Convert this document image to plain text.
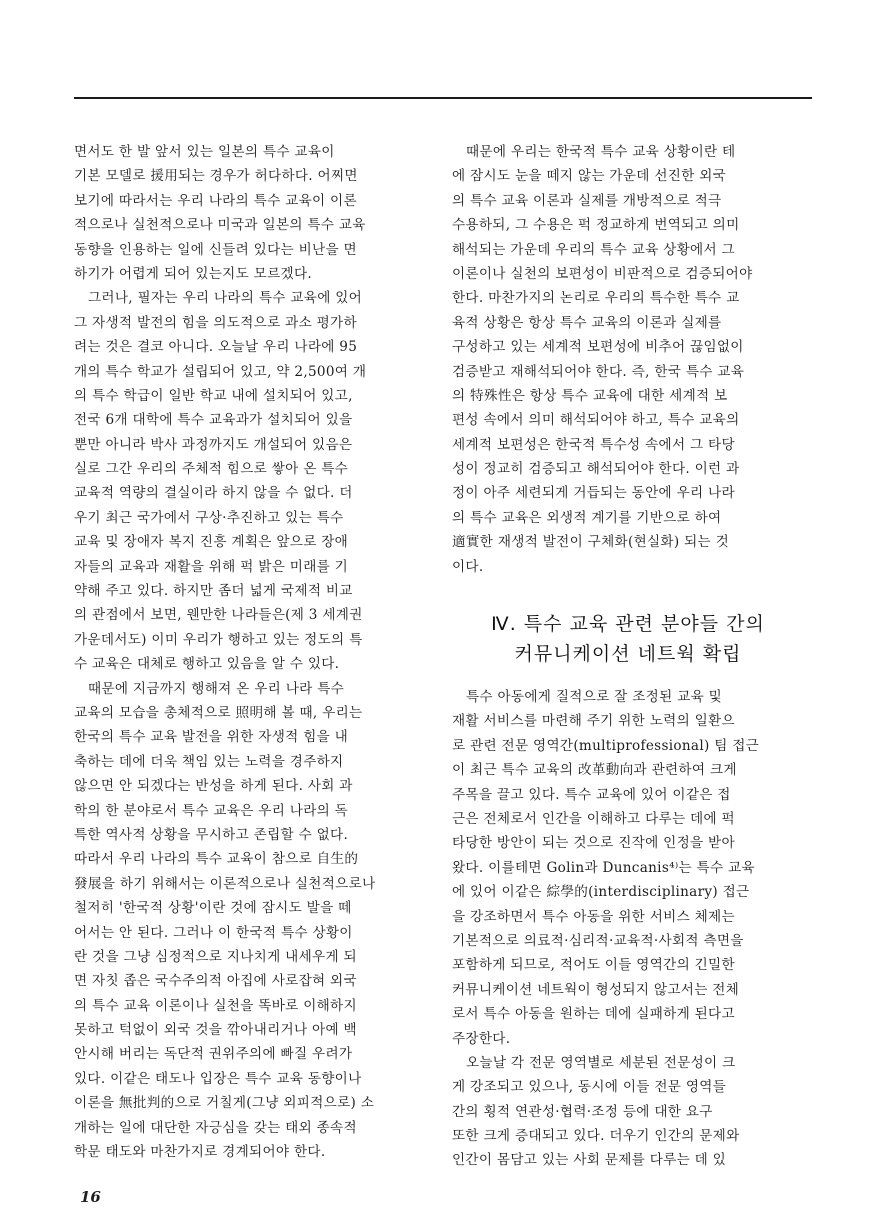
면서도 한 발 앞서 있는 일본의 특수 교육이
기본 모델로 援用되는 경우가 허다하다. 어찌면
보기에 따라서는 우리 나라의 특수 교육이 이론
적으로나 실천적으로나 미국과 일본의 특수 교육
동향을 인용하는 일에 신들려 있다는 비난을 면
하기가 어렵게 되어 있는지도 모르겠다.
그러나, 필자는 우리 나라의 특수 교육에 있어
그 자생적 발전의 힘을 의도적으로 과소 평가하
려는 것은 결코 아니다. 오늘날 우리 나라에 95
개의 특수 학교가 설립되어 있고, 약 2,500여 개
의 특수 학급이 일반 학교 내에 설치되어 있고,
전국 6개 대학에 특수 교육과가 설치되어 있을
뿐만 아니라 박사 과정까지도 개설되어 있음은
실로 그간 우리의 주체적 힘으로 쌓아 온 특수
교육적 역량의 결실이라 하지 않을 수 없다. 더
우기 최근 국가에서 구상·추진하고 있는 특수
교육 및 장애자 복지 진흥 계획은 앞으로 장애
자들의 교육과 재활을 위해 퍽 밝은 미래를 기
약해 주고 있다. 하지만 좀더 넓게 국제적 비교
의 관점에서 보면, 웬만한 나라들은(제 3 세계권
가운데서도) 이미 우리가 행하고 있는 정도의 특
수 교육은 대체로 행하고 있음을 알 수 있다.
때문에 지금까지 행해져 온 우리 나라 특수
교육의 모습을 총체적으로 照明해 볼 때, 우리는
한국의 특수 교육 발전을 위한 자생적 힘을 내
축하는 데에 더욱 책임 있는 노력을 경주하지
않으면 안 되겠다는 반성을 하게 된다. 사회 과
학의 한 분야로서 특수 교육은 우리 나라의 독
특한 역사적 상황을 무시하고 존립할 수 없다.
따라서 우리 나라의 특수 교육이 참으로 自生的
發展을 하기 위해서는 이론적으로나 실천적으로나
철저히 '한국적 상황'이란 것에 잠시도 발을 떼
어서는 안 된다. 그러나 이 한국적 특수 상황이
란 것을 그냥 심정적으로 지나치게 내세우게 되
면 자칫 좁은 국수주의적 아집에 사로잡혀 외국
의 특수 교육 이론이나 실천을 똑바로 이해하지
못하고 턱없이 외국 것을 깎아내리거나 아예 백
안시해 버리는 독단적 권위주의에 빠질 우려가
있다. 이같은 태도나 입장은 특수 교육 동향이나
이론을 無批判的으로 거칠게(그냥 외피적으로) 소
개하는 일에 대단한 자긍심을 갖는 태외 종속적
학문 태도와 마찬가지로 경계되어야 한다.
때문에 우리는 한국적 특수 교육 상황이란 테
에 잠시도 눈을 떼지 않는 가운데 선진한 외국
의 특수 교육 이론과 실제를 개방적으로 적극
수용하되, 그 수용은 퍽 정교하게 번역되고 의미
해석되는 가운데 우리의 특수 교육 상황에서 그
이론이나 실천의 보편성이 비판적으로 검증되어야
한다. 마찬가지의 논리로 우리의 특수한 특수 교
육적 상황은 항상 특수 교육의 이론과 실제를
구성하고 있는 세계적 보편성에 비추어 끊임없이
검증받고 재해석되어야 한다. 즉, 한국 특수 교육
의 特殊性은 항상 특수 교육에 대한 세계적 보
편성 속에서 의미 해석되어야 하고, 특수 교육의
세계적 보편성은 한국적 특수성 속에서 그 타당
성이 정교히 검증되고 해석되어야 한다. 이런 과
정이 아주 세련되게 거듭되는 동안에 우리 나라
의 특수 교육은 외생적 계기를 기반으로 하여
適實한 재생적 발전이 구체화(현실화) 되는 것
이다.
Ⅳ. 특수 교육 관련 분야들 간의
커뮤니케이션 네트웍 확립
특수 아동에게 질적으로 잘 조정된 교육 및
재활 서비스를 마련해 주기 위한 노력의 일환으
로 관련 전문 영역간(multiprofessional) 팀 접근
이 최근 특수 교육의 改革動向과 관련하여 크게
주목을 끌고 있다. 특수 교육에 있어 이같은 접
근은 전체로서 인간을 이해하고 다루는 데에 퍽
타당한 방안이 되는 것으로 진작에 인정을 받아
왔다. 이를테면 Golin과 Duncanis⁴⁾는 특수 교육
에 있어 이같은 綜學的(interdisciplinary) 접근
을 강조하면서 특수 아동을 위한 서비스 체제는
기본적으로 의료적·심리적·교육적·사회적 측면을
포함하게 되므로, 적어도 이들 영역간의 긴밀한
커뮤니케이션 네트웍이 형성되지 않고서는 전체
로서 특수 아동을 원하는 데에 실패하게 된다고
주장한다.
오늘날 각 전문 영역별로 세분된 전문성이 크
게 강조되고 있으나, 동시에 이들 전문 영역들
간의 횡적 연관성·협력·조정 등에 대한 요구
또한 크게 증대되고 있다. 더우기 인간의 문제와
인간이 몸담고 있는 사회 문제를 다루는 데 있
16
